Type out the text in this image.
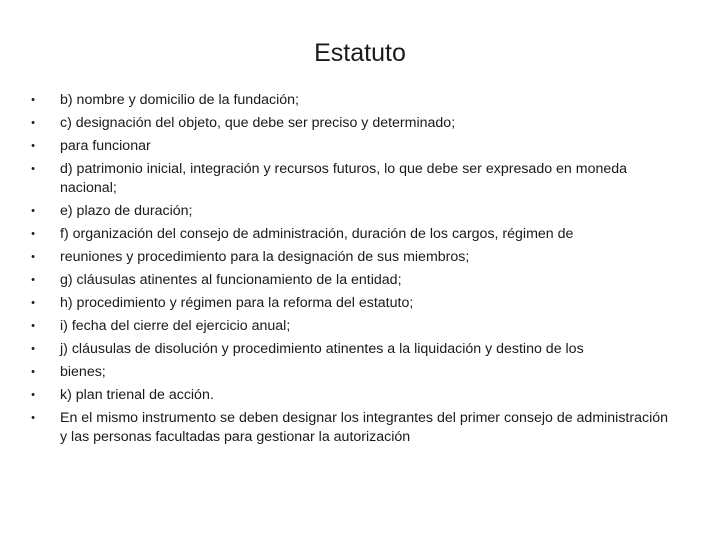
Estatuto
• b) nombre y domicilio de la fundación;
• c) designación del objeto, que debe ser preciso y determinado;
• para funcionar
• d) patrimonio inicial, integración y recursos futuros, lo que debe ser expresado en moneda nacional;
• e) plazo de duración;
• f) organización del consejo de administración, duración de los cargos, régimen de
• reuniones y procedimiento para la designación de sus miembros;
• g) cláusulas atinentes al funcionamiento de la entidad;
• h) procedimiento y régimen para la reforma del estatuto;
• i) fecha del cierre del ejercicio anual;
• j) cláusulas de disolución y procedimiento atinentes a la liquidación y destino de los
• bienes;
• k) plan trienal de acción.
• En el mismo instrumento se deben designar los integrantes del primer consejo de administración y las personas facultadas para gestionar la autorización
